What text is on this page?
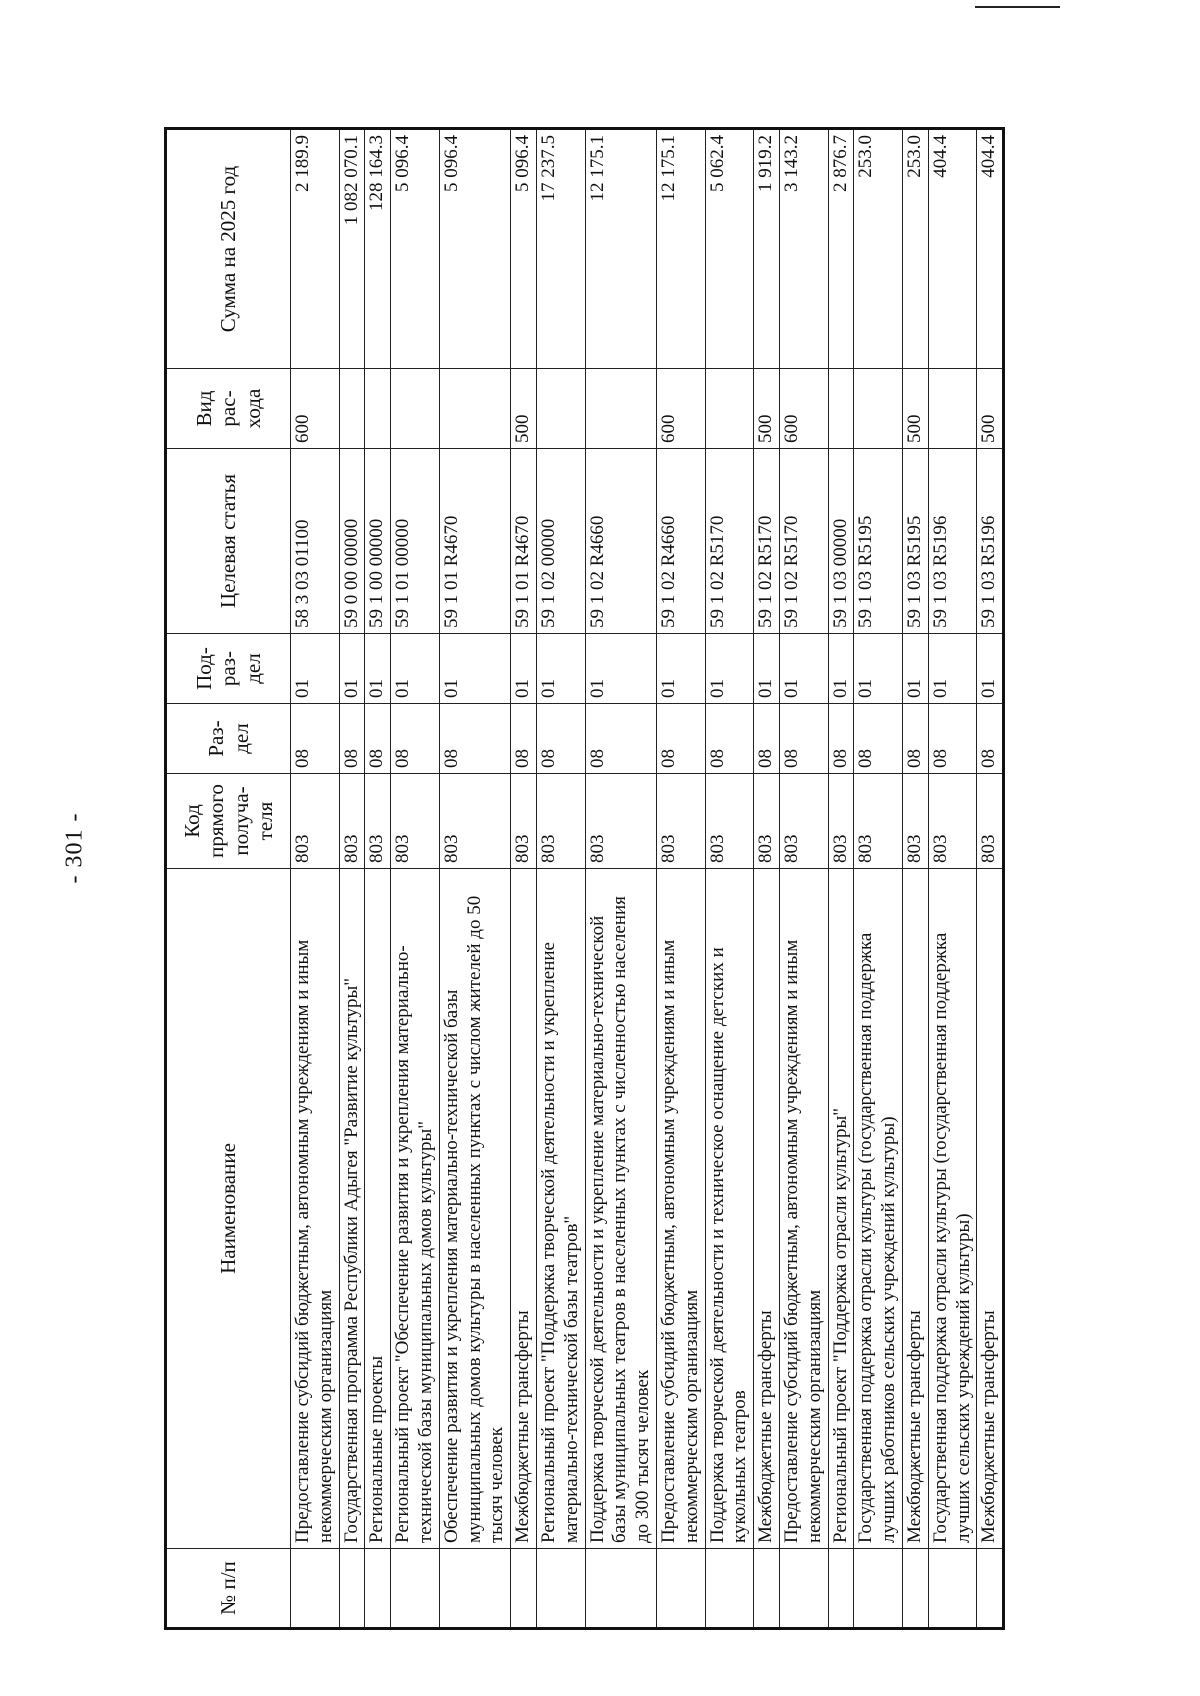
- 301 -
№ п/п	Наименование	Код прямого получа-теля	Раз-дел	Под-раз-дел	Целевая статья	Вид рас-хода	Сумма на 2025 год
	Предоставление субсидий бюджетным, автономным учреждениям и иным некоммерческим организациям	803	08	01	58 3 03 01100	600	2 189.9
	Государственная программа Республики Адыгея "Развитие культуры"	803	08	01	59 0 00 00000		1 082 070.1
	Региональные проекты	803	08	01	59 1 00 00000		128 164.3
	Региональный проект "Обеспечение развития и укрепления материально-технической базы муниципальных домов культуры"	803	08	01	59 1 01 00000		5 096.4
	Обеспечение развития и укрепления материально-технической базы муниципальных домов культуры в населенных пунктах с числом жителей до 50 тысяч человек	803	08	01	59 1 01 R4670		5 096.4
	Межбюджетные трансферты	803	08	01	59 1 01 R4670	500	5 096.4
	Региональный проект "Поддержка творческой деятельности и укрепление материально-технической базы театров"	803	08	01	59 1 02 00000		17 237.5
	Поддержка творческой деятельности и укрепление материально-технической базы муниципальных театров в населенных пунктах с численностью населения до 300 тысяч человек	803	08	01	59 1 02 R4660		12 175.1
	Предоставление субсидий бюджетным, автономным учреждениям и иным некоммерческим организациям	803	08	01	59 1 02 R4660	600	12 175.1
	Поддержка творческой деятельности и техническое оснащение детских и кукольных театров	803	08	01	59 1 02 R5170		5 062.4
	Межбюджетные трансферты	803	08	01	59 1 02 R5170	500	1 919.2
	Предоставление субсидий бюджетным, автономным учреждениям и иным некоммерческим организациям	803	08	01	59 1 02 R5170	600	3 143.2
	Региональный проект "Поддержка отрасли культуры"	803	08	01	59 1 03 00000		2 876.7
	Государственная поддержка отрасли культуры (государственная поддержка лучших работников сельских учреждений культуры)	803	08	01	59 1 03 R5195		253.0
	Межбюджетные трансферты	803	08	01	59 1 03 R5195	500	253.0
	Государственная поддержка отрасли культуры (государственная поддержка лучших сельских учреждений культуры)	803	08	01	59 1 03 R5196		404.4
	Межбюджетные трансферты	803	08	01	59 1 03 R5196	500	404.4
